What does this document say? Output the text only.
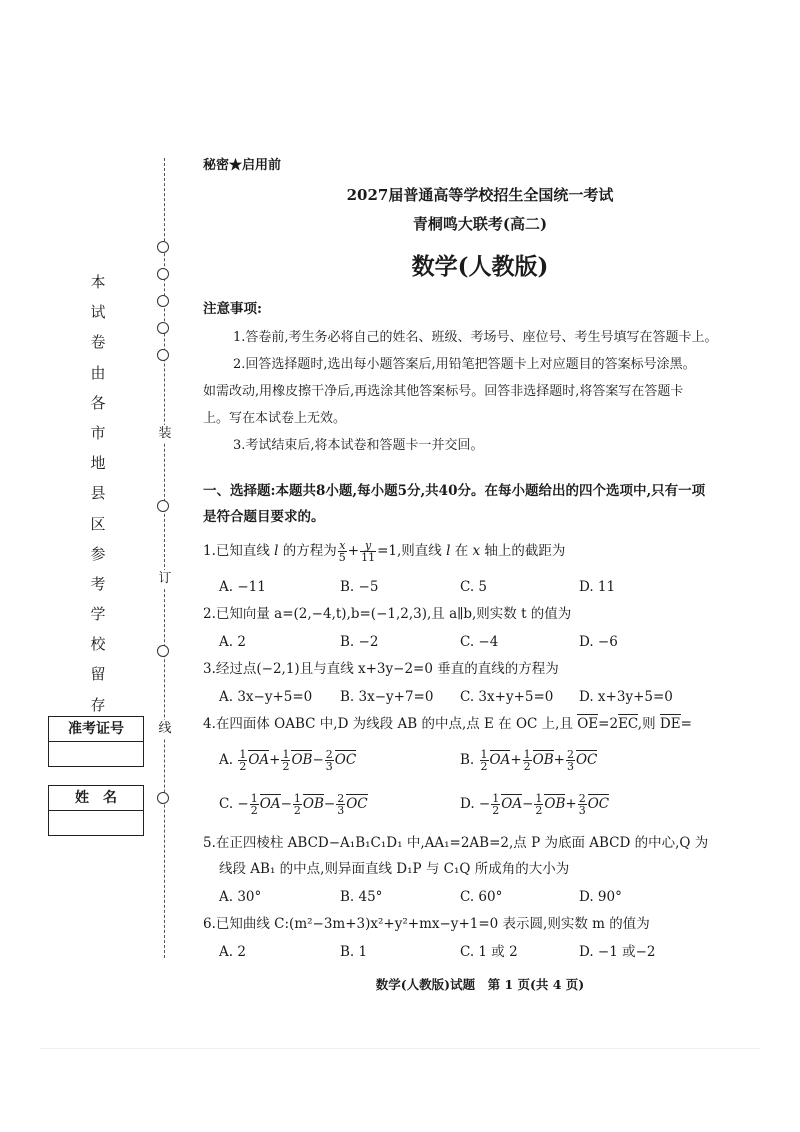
装
订
线
本
试
卷
由
各
市
地
县
区
参
考
学
校
留
存
准考证号
姓　名
秘密★启用前
2027届普通高等学校招生全国统一考试
青桐鸣大联考(高二)
数学(人教版)
注意事项:
1.答卷前,考生务必将自己的姓名、班级、考场号、座位号、考生号填写在答题卡上。
2.回答选择题时,选出每小题答案后,用铅笔把答题卡上对应题目的答案标号涂黑。
如需改动,用橡皮擦干净后,再选涂其他答案标号。回答非选择题时,将答案写在答题卡
上。写在本试卷上无效。
3.考试结束后,将本试卷和答题卡一并交回。
一、选择题:本题共8小题,每小题5分,共40分。在每小题给出的四个选项中,只有一项
是符合题目要求的。
1.已知直线 l 的方程为 $\frac{x}{5} + \frac{y}{11} =1$,则直线 l 在 x 轴上的截距为
A. −11	B. −5	C. 5	D. 11
2.已知向量 a=(2,−4,t),b=(−1,2,3),且 a∥b,则实数 t 的值为
A. 2	B. −2	C. −4	D. −6
3.经过点(−2,1)且与直线 x+3y−2=0 垂直的直线的方程为
A. 3x−y+5=0 B. 3x−y+7=0 C. 3x+y+5=0 D. x+3y+5=0
4.在四面体 OABC 中,D 为线段 AB 的中点,点 E 在 OC 上,且 OE=2EC,则 DE=
A. $\frac{1}{2} OA+ \frac{1}{2} OB- \frac{2}{3}$ OC	B. $\frac{1}{2} OA+ \frac{1}{2} OB+ \frac{2}{3}$ OC
C. − $\frac{1}{2} OA- \frac{1}{2} OB- \frac{2}{3}$ OC	D. − $\frac{1}{2} OA- \frac{1}{2} OB+ \frac{2}{3}$ OC
5.在正四棱柱 ABCD−A₁B₁C₁D₁ 中,AA₁=2AB=2,点 P 为底面 ABCD 的中心,Q 为
线段 AB₁ 的中点,则异面直线 D₁P 与 C₁Q 所成角的大小为
A. 30°	B. 45°	C. 60°	D. 90°
6.已知曲线 C:(m²−3m+3)x²+y²+mx−y+1=0 表示圆,则实数 m 的值为
A. 2	B. 1	C. 1 或 2	D. −1 或−2
数学(人教版)试题　第 1 页(共 4 页)
